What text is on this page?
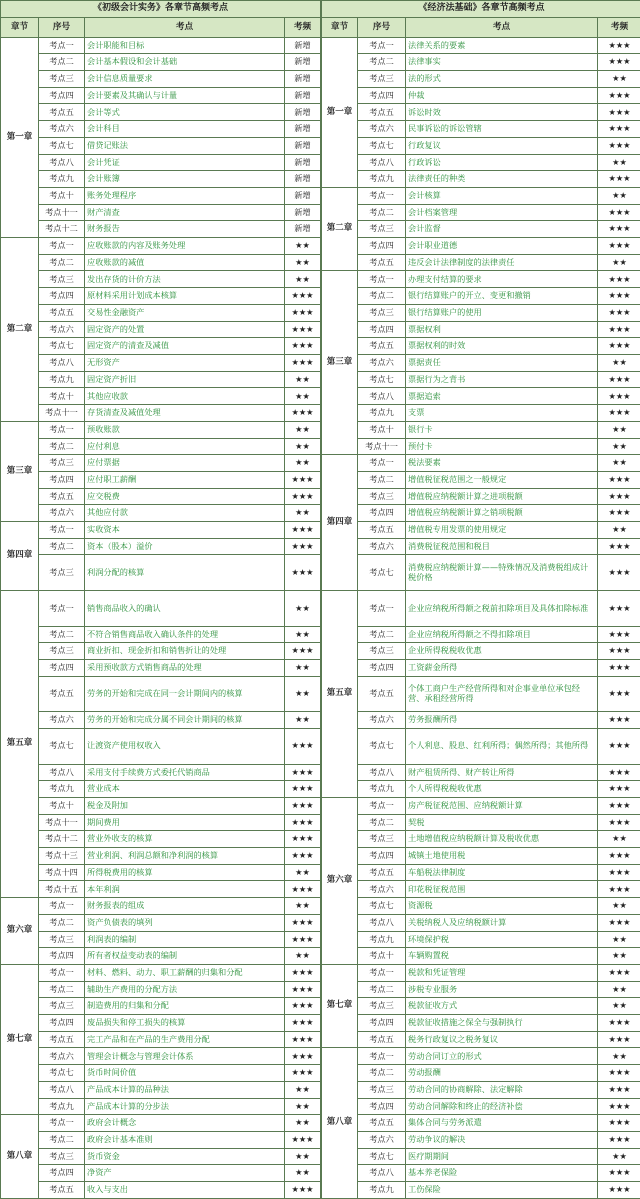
《初级会计实务》各章节高频考点			
章节	序号	考点	考频
第一章	考点一	会计职能和目标	新增
	考点二	会计基本假设和会计基础	新增
	考点三	会计信息质量要求	新增
	考点四	会计要素及其确认与计量	新增
	考点五	会计等式	新增
	考点六	会计科目	新增
	考点七	借贷记账法	新增
	考点八	会计凭证	新增
	考点九	会计账簿	新增
	考点十	账务处理程序	新增
	考点十一	财产清查	新增
	考点十二	财务报告	新增
第二章	考点一	应收账款的内容及账务处理	★★
	考点二	应收账款的减值	★★
	考点三	发出存货的计价方法	★★
	考点四	原材料采用计划成本核算	★★★
	考点五	交易性金融资产	★★★
	考点六	固定资产的处置	★★★
	考点七	固定资产的清查及减值	★★★
	考点八	无形资产	★★★
	考点九	固定资产折旧	★★
	考点十	其他应收款	★★
	考点十一	存货清查及减值处理	★★★
第三章	考点一	预收账款	★★
	考点二	应付利息	★★
	考点三	应付票据	★★
	考点四	应付职工薪酬	★★★
	考点五	应交税费	★★★
	考点六	其他应付款	★★
第四章	考点一	实收资本	★★★
	考点二	资本（股本）溢价	★★★
	考点三	利润分配的核算	★★★
第五章	考点一	销售商品收入的确认	★★
	考点二	不符合销售商品收入确认条件的处理	★★
	考点三	商业折扣、现金折扣和销售折让的处理	★★★
	考点四	采用预收款方式销售商品的处理	★★
	考点五	劳务的开始和完成在同一会计期间内的核算	★★
	考点六	劳务的开始和完成分属不同会计期间的核算	★★
	考点七	让渡资产使用权收入	★★★
	考点八	采用支付手续费方式委托代销商品	★★★
	考点九	营业成本	★★★
	考点十	税金及附加	★★★
	考点十一	期间费用	★★★
	考点十二	营业外收支的核算	★★★
	考点十三	营业利润、利润总额和净利润的核算	★★★
	考点十四	所得税费用的核算	★★
	考点十五	本年利润	★★★
第六章	考点一	财务报表的组成	★★
	考点二	资产负债表的填列	★★★
	考点三	利润表的编制	★★★
	考点四	所有者权益变动表的编制	★★
第七章	考点一	材料、燃料、动力、职工薪酬的归集和分配	★★★
	考点二	辅助生产费用的分配方法	★★★
	考点三	制造费用的归集和分配	★★★
	考点四	废品损失和停工损失的核算	★★★
	考点五	完工产品和在产品的生产费用分配	★★★
	考点六	管理会计概念与管理会计体系	★★★
	考点七	货币时间价值	★★★
	考点八	产品成本计算的品种法	★★
	考点九	产品成本计算的分步法	★★
第八章	考点一	政府会计概念	★★
	考点二	政府会计基本准则	★★★
	考点三	货币资金	★★
	考点四	净资产	★★
	考点五	收入与支出	★★★
《经济法基础》各章节高频考点			
章节	序号	考点	考频
第一章	考点一	法律关系的要素	★★★
	考点二	法律事实	★★★
	考点三	法的形式	★★
	考点四	仲裁	★★★
	考点五	诉讼时效	★★★
	考点六	民事诉讼的诉讼管辖	★★★
	考点七	行政复议	★★★
	考点八	行政诉讼	★★
	考点九	法律责任的种类	★★★
第二章	考点一	会计核算	★★
	考点二	会计档案管理	★★★
	考点三	会计监督	★★★
	考点四	会计职业道德	★★★
	考点五	违反会计法律制度的法律责任	★★
第三章	考点一	办理支付结算的要求	★★★
	考点二	银行结算账户的开立、变更和撤销	★★★
	考点三	银行结算账户的使用	★★★
	考点四	票据权利	★★★
	考点五	票据权利的时效	★★★
	考点六	票据责任	★★
	考点七	票据行为之背书	★★★
	考点八	票据追索	★★★
	考点九	支票	★★★
	考点十	银行卡	★★
	考点十一	预付卡	★★
第四章	考点一	税法要素	★★
	考点二	增值税征税范围之一般规定	★★★
	考点三	增值税应纳税额计算之进项税额	★★★
	考点四	增值税应纳税额计算之销项税额	★★★
	考点五	增值税专用发票的使用规定	★★
	考点六	消费税征税范围和税目	★★★
	考点七	消费税应纳税额计算——特殊情况及消费税组成计税价格	★★★
第五章	考点一	企业应纳税所得额之税前扣除项目及具体扣除标准	★★★
	考点二	企业应纳税所得额之不得扣除项目	★★★
	考点三	企业所得税税收优惠	★★★
	考点四	工资薪金所得	★★★
	考点五	个体工商户生产经营所得和对企事业单位承包经营、承租经营所得	★★★
	考点六	劳务报酬所得	★★★
	考点七	个人利息、股息、红利所得；偶然所得；其他所得	★★★
	考点八	财产租赁所得、财产转让所得	★★★
	考点九	个人所得税税收优惠	★★★
第六章	考点一	房产税征税范围、应纳税额计算	★★★
	考点二	契税	★★★
	考点三	土地增值税应纳税额计算及税收优惠	★★
	考点四	城镇土地使用税	★★★
	考点五	车船税法律制度	★★★
	考点六	印花税征税范围	★★★
	考点七	资源税	★★
	考点八	关税纳税人及应纳税额计算	★★★
	考点九	环境保护税	★★
	考点十	车辆购置税	★★
第七章	考点一	税款和凭证管理	★★★
	考点二	涉税专业服务	★★
	考点三	税款征收方式	★★
	考点四	税款征收措施之保全与强制执行	★★★
	考点五	税务行政复议之税务复议	★★★
第八章	考点一	劳动合同订立的形式	★★
	考点二	劳动报酬	★★★
	考点三	劳动合同的协商解除、法定解除	★★★
	考点四	劳动合同解除和终止的经济补偿	★★★
	考点五	集体合同与劳务派遣	★★★
	考点六	劳动争议的解决	★★★
	考点七	医疗期期间	★★
	考点八	基本养老保险	★★★
	考点九	工伤保险	★★★
